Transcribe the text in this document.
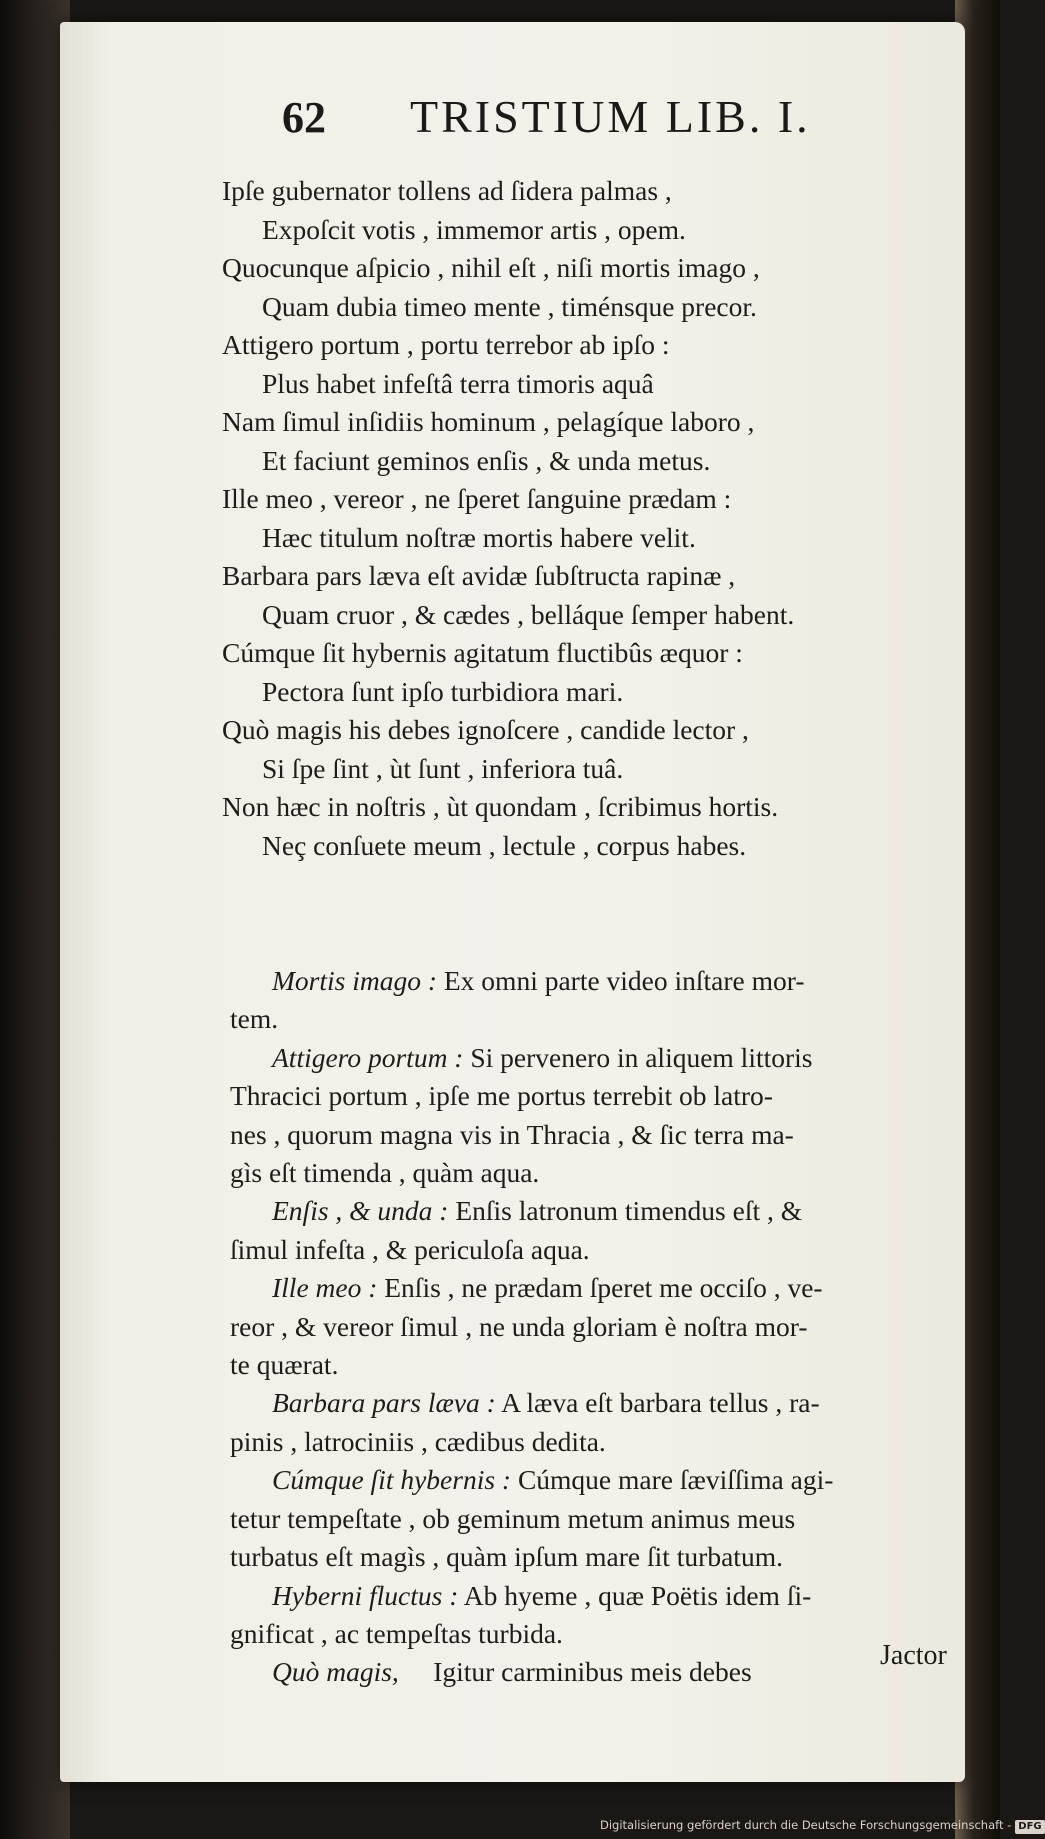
62 TRISTIUM LIB. I.
Ipſe gubernator tollens ad ſidera palmas ,
Expoſcit votis , immemor artis , opem.
Quocunque aſpicio , nihil eſt , niſi mortis imago ,
Quam dubia timeo mente , timénsque precor.
Attigero portum , portu terrebor ab ipſo :
Plus habet infeſtâ terra timoris aquâ
Nam ſimul inſidiis hominum , pelagíque laboro ,
Et faciunt geminos enſis , & unda metus.
Ille meo , vereor , ne ſperet ſanguine prædam :
Hæc titulum noſtræ mortis habere velit.
Barbara pars læva eſt avidæ ſubſtructa rapinæ ,
Quam cruor , & cædes , belláque ſemper habent.
Cúmque ſit hybernis agitatum fluctibûs æquor :
Pectora ſunt ipſo turbidiora mari.
Quò magis his debes ignoſcere , candide lector ,
Si ſpe ſint , ùt ſunt , inferiora tuâ.
Non hæc in noſtris , ùt quondam , ſcribimus hortis.
Neç conſuete meum , lectule , corpus habes.
Mortis imago : Ex omni parte video inſtare mor-
tem.
Attigero portum : Si pervenero in aliquem littoris
Thracici portum , ipſe me portus terrebit ob latro-
nes , quorum magna vis in Thracia , & ſic terra ma-
gìs eſt timenda , quàm aqua.
Enſis , & unda : Enſis latronum timendus eſt , &
ſimul infeſta , & periculoſa aqua.
Ille meo : Enſis , ne prædam ſperet me occiſo , ve-
reor , & vereor ſimul , ne unda gloriam è noſtra mor-
te quærat.
Barbara pars læva : A læva eſt barbara tellus , ra-
pinis , latrociniis , cædibus dedita.
Cúmque ſit hybernis : Cúmque mare ſæviſſima agi-
tetur tempeſtate , ob geminum metum animus meus
turbatus eſt magìs , quàm ipſum mare ſit turbatum.
Hyberni fluctus : Ab hyeme , quæ Poëtis idem ſi-
gnificat , ac tempeſtas turbida.
Quò magis,     Igitur carminibus meis debes
Jactor
Digitalisierung gefördert durch die Deutsche Forschungsgemeinschaft - DFG
